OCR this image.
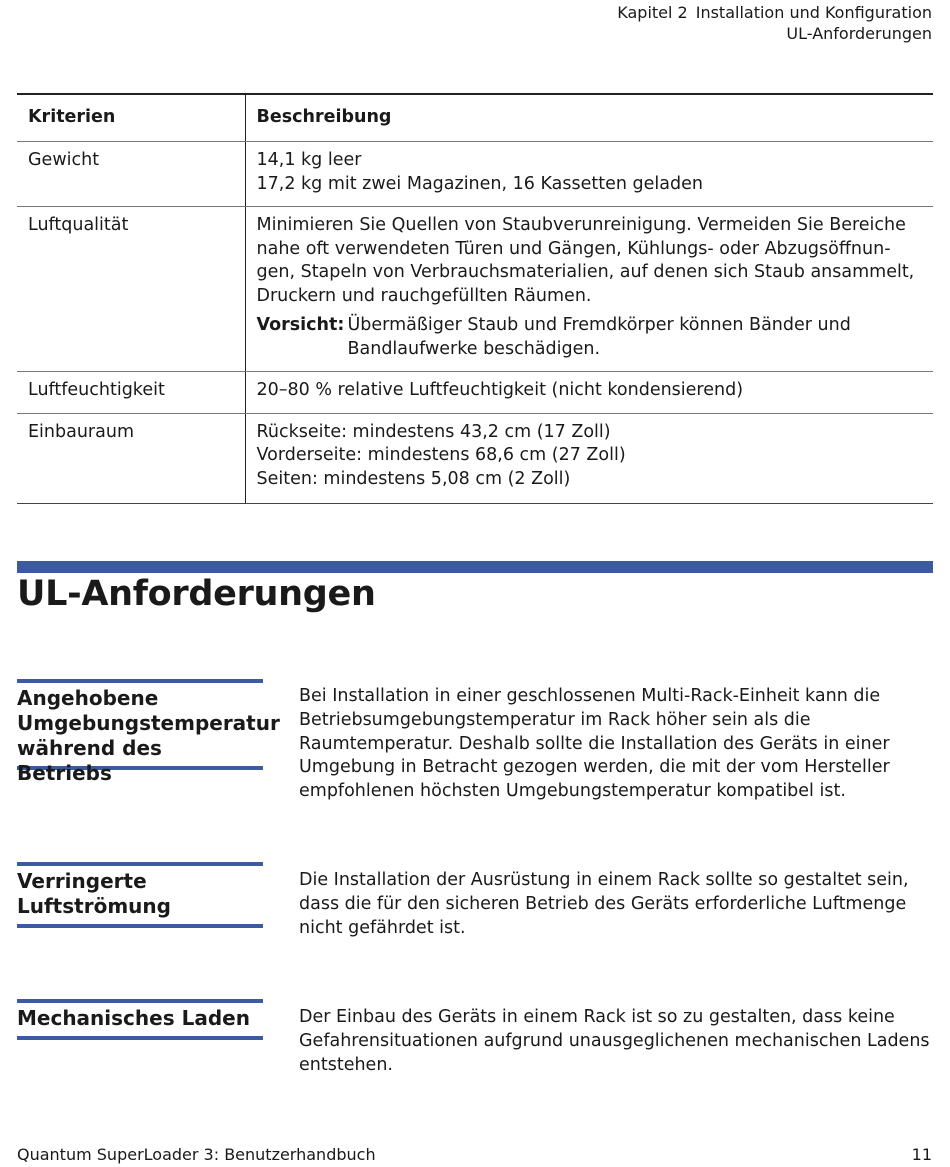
Kapitel 2 Installation und Konfiguration
UL-Anforderungen
Kriterien	Beschreibung
Gewicht	14,1 kg leer
17,2 kg mit zwei Magazinen, 16 Kassetten geladen

Luftqualität	Minimieren Sie Quellen von Staubverunreinigung. Vermeiden Sie Bereiche nahe oft verwendeten Türen und Gängen, Kühlungs- oder Abzugsöffnun-gen, Stapeln von Verbrauchsmaterialien, auf denen sich Staub ansammelt, Druckern und rauchgefüllten Räumen.
Vorsicht: Übermäßiger Staub und Fremdkörper können Bänder und Bandlaufwerke beschädigen.

Luftfeuchtigkeit	20–80 % relative Luftfeuchtigkeit (nicht kondensierend)

Einbauraum	Rückseite: mindestens 43,2 cm (17 Zoll)
Vorderseite: mindestens 68,6 cm (27 Zoll)
Seiten: mindestens 5,08 cm (2 Zoll)
UL-Anforderungen
Angehobene Umgebungstemperatur während des Betriebs
Bei Installation in einer geschlossenen Multi-Rack-Einheit kann die Betriebsumgebungstemperatur im Rack höher sein als die Raumtemperatur. Deshalb sollte die Installation des Geräts in einer Umgebung in Betracht gezogen werden, die mit der vom Hersteller empfohlenen höchsten Umgebungstemperatur kompatibel ist.
Verringerte Luftströmung
Die Installation der Ausrüstung in einem Rack sollte so gestaltet sein, dass die für den sicheren Betrieb des Geräts erforderliche Luftmenge nicht gefährdet ist.
Mechanisches Laden	Der Einbau des Geräts in einem Rack ist so zu gestalten, dass keine Gefahrensituationen aufgrund unausgeglichenen mechanischen Ladens entstehen.
Quantum SuperLoader 3: Benutzerhandbuch	11
